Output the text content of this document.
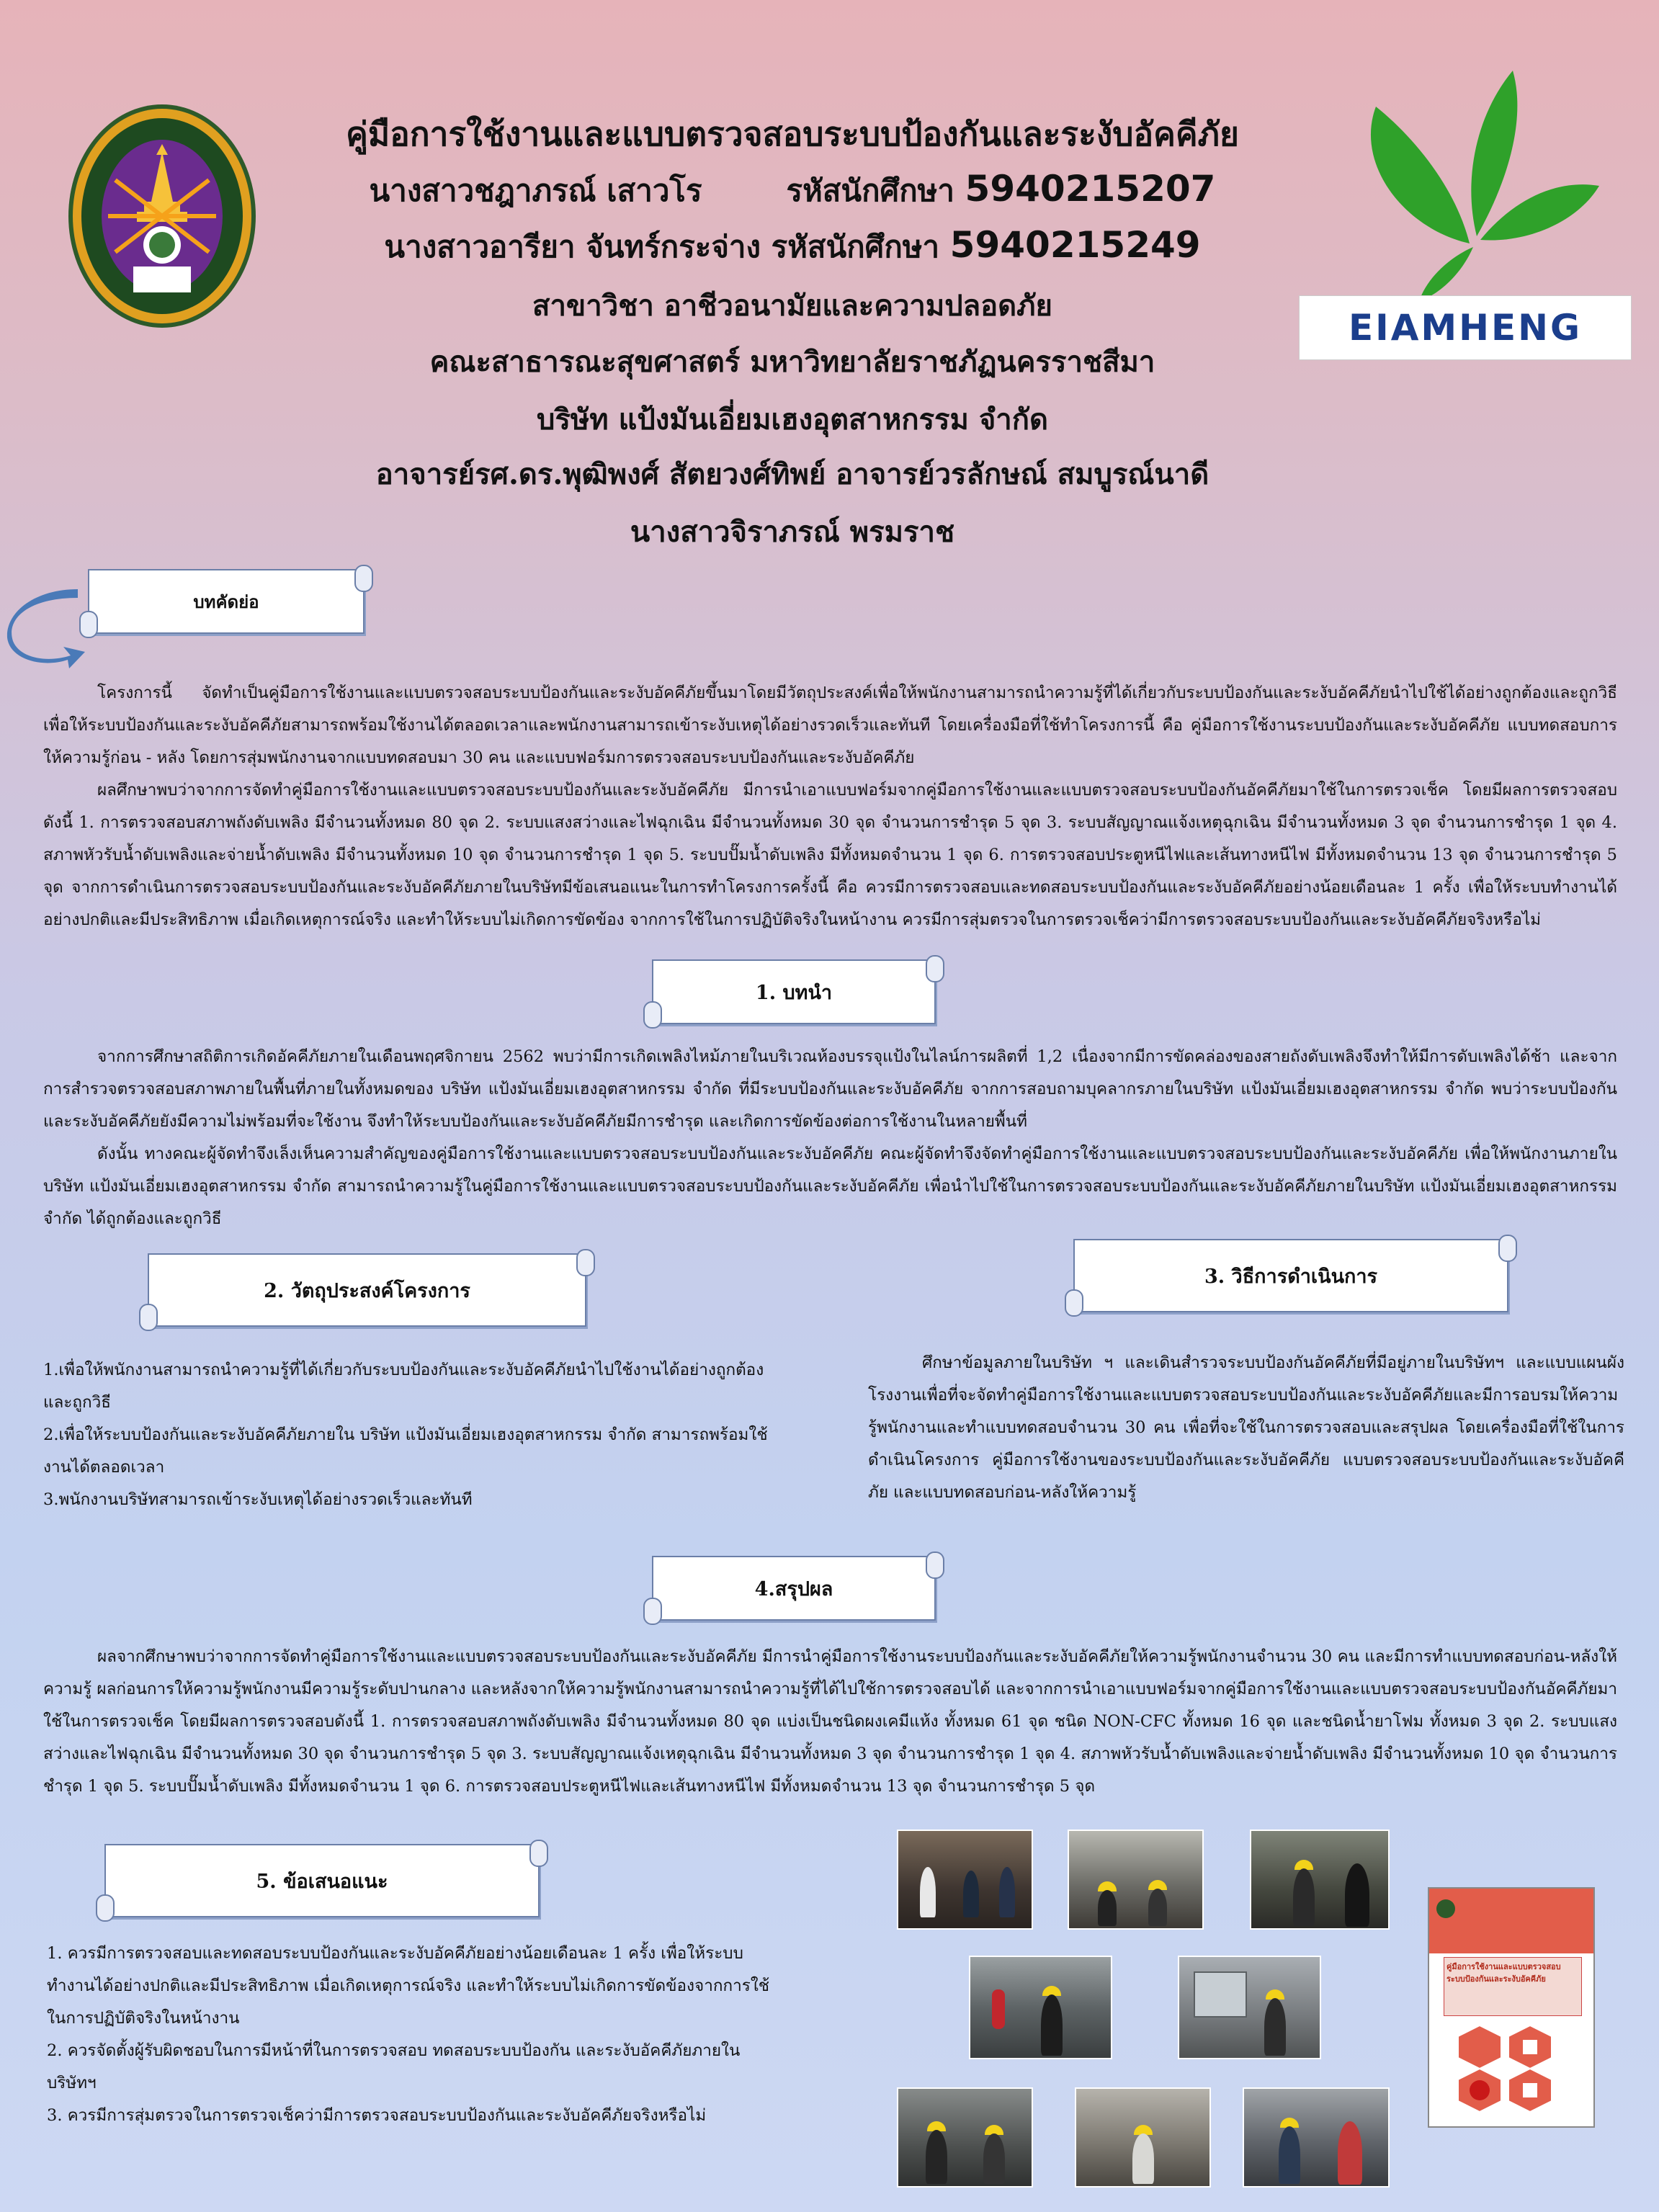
คู่มือการใช้งานและแบบตรวจสอบระบบป้องกันและระงับอัคคีภัย
นางสาวชฎาภรณ์ เสาวโร	รหัสนักศึกษา 5940215207
นางสาวอารียา จันทร์กระจ่าง รหัสนักศึกษา 5940215249
สาขาวิชา อาชีวอนามัยและความปลอดภัย
คณะสาธารณะสุขศาสตร์ มหาวิทยาลัยราชภัฏนครราชสีมา
บริษัท แป้งมันเอี่ยมเฮงอุตสาหกรรม จำกัด
อาจารย์รศ.ดร.พุฒิพงศ์ สัตยวงศ์ทิพย์ อาจารย์วรลักษณ์ สมบูรณ์นาดี
นางสาวจิราภรณ์ พรมราช
EIAMHENG
บทคัดย่อ

โครงการนี้ จัดทำเป็นคู่มือการใช้งานและแบบตรวจสอบระบบป้องกันและระงับอัคคีภัยขึ้นมาโดยมีวัตถุประสงค์เพื่อให้พนักงานสามารถนำความรู้ที่ได้เกี่ยวกับระบบป้องกันและระงับอัคคีภัยนำไปใช้ได้อย่างถูกต้องและถูกวิธี เพื่อให้ระบบป้องกันและระงับอัคคีภัยสามารถพร้อมใช้งานได้ตลอดเวลาและพนักงานสามารถเข้าระงับเหตุได้อย่างรวดเร็วและทันที โดยเครื่องมือที่ใช้ทำโครงการนี้ คือ คู่มือการใช้งานระบบป้องกันและระงับอัคคีภัย แบบทดสอบการให้ความรู้ก่อน - หลัง โดยการสุ่มพนักงานจากแบบทดสอบมา 30 คน และแบบฟอร์มการตรวจสอบระบบป้องกันและระงับอัคคีภัย

ผลศึกษาพบว่าจากการจัดทำคู่มือการใช้งานและแบบตรวจสอบระบบป้องกันและระงับอัคคีภัย มีการนำเอาแบบฟอร์มจากคู่มือการใช้งานและแบบตรวจสอบระบบป้องกันอัคคีภัยมาใช้ในการตรวจเช็ค โดยมีผลการตรวจสอบดังนี้ 1. การตรวจสอบสภาพถังดับเพลิง มีจำนวนทั้งหมด 80 จุด 2. ระบบแสงสว่างและไฟฉุกเฉิน มีจำนวนทั้งหมด 30 จุด จำนวนการชำรุด 5 จุด 3. ระบบสัญญาณแจ้งเหตุฉุกเฉิน มีจำนวนทั้งหมด 3 จุด จำนวนการชำรุด 1 จุด 4. สภาพหัวรับน้ำดับเพลิงและจ่ายน้ำดับเพลิง มีจำนวนทั้งหมด 10 จุด จำนวนการชำรุด 1 จุด 5. ระบบปั๊มน้ำดับเพลิง มีทั้งหมดจำนวน 1 จุด 6. การตรวจสอบประตูหนีไฟและเส้นทางหนีไฟ มีทั้งหมดจำนวน 13 จุด จำนวนการชำรุด 5 จุด จากการดำเนินการตรวจสอบระบบป้องกันและระงับอัคคีภัยภายในบริษัทมีข้อเสนอแนะในการทำโครงการครั้งนี้ คือ ควรมีการตรวจสอบและทดสอบระบบป้องกันและระงับอัคคีภัยอย่างน้อยเดือนละ 1 ครั้ง เพื่อให้ระบบทำงานได้อย่างปกติและมีประสิทธิภาพ เมื่อเกิดเหตุการณ์จริง และทำให้ระบบไม่เกิดการขัดข้อง จากการใช้ในการปฏิบัติจริงในหน้างาน ควรมีการสุ่มตรวจในการตรวจเช็คว่ามีการตรวจสอบระบบป้องกันและระงับอัคคีภัยจริงหรือไม่

1. บทนำ

จากการศึกษาสถิติการเกิดอัคคีภัยภายในเดือนพฤศจิกายน 2562 พบว่ามีการเกิดเพลิงไหม้ภายในบริเวณห้องบรรจุแป้งในไลน์การผลิตที่ 1,2 เนื่องจากมีการขัดคล่องของสายถังดับเพลิงจึงทำให้มีการดับเพลิงได้ช้า และจากการสำรวจตรวจสอบสภาพภายในพื้นที่ภายในทั้งหมดของ บริษัท แป้งมันเอี่ยมเฮงอุตสาหกรรม จำกัด ที่มีระบบป้องกันและระงับอัคคีภัย จากการสอบถามบุคลากรภายในบริษัท แป้งมันเอี่ยมเฮงอุตสาหกรรม จำกัด พบว่าระบบป้องกันและระงับอัคคีภัยยังมีความไม่พร้อมที่จะใช้งาน จึงทำให้ระบบป้องกันและระงับอัคคีภัยมีการชำรุด และเกิดการขัดข้องต่อการใช้งานในหลายพื้นที่

ดังนั้น ทางคณะผู้จัดทำจึงเล็งเห็นความสำคัญของคู่มือการใช้งานและแบบตรวจสอบระบบป้องกันและระงับอัคคีภัย คณะผู้จัดทำจึงจัดทำคู่มือการใช้งานและแบบตรวจสอบระบบป้องกันและระงับอัคคีภัย เพื่อให้พนักงานภายในบริษัท แป้งมันเอี่ยมเฮงอุตสาหกรรม จำกัด สามารถนำความรู้ในคู่มือการใช้งานและแบบตรวจสอบระบบป้องกันและระงับอัคคีภัย เพื่อนำไปใช้ในการตรวจสอบระบบป้องกันและระงับอัคคีภัยภายในบริษัท แป้งมันเอี่ยมเฮงอุตสาหกรรม จำกัด ได้ถูกต้องและถูกวิธี

2. วัตถุประสงค์โครงการ

1.เพื่อให้พนักงานสามารถนำความรู้ที่ได้เกี่ยวกับระบบป้องกันและระงับอัคคีภัยนำไปใช้งานได้อย่างถูกต้องและถูกวิธี

2.เพื่อให้ระบบป้องกันและระงับอัคคีภัยภายใน บริษัท แป้งมันเอี่ยมเฮงอุตสาหกรรม จำกัด สามารถพร้อมใช้งานได้ตลอดเวลา

3.พนักงานบริษัทสามารถเข้าระงับเหตุได้อย่างรวดเร็วและทันที

3. วิธีการดำเนินการ

ศึกษาข้อมูลภายในบริษัท ฯ และเดินสำรวจระบบป้องกันอัคคีภัยที่มีอยู่ภายในบริษัทฯ และแบบแผนผังโรงงานเพื่อที่จะจัดทำคู่มือการใช้งานและแบบตรวจสอบระบบป้องกันและระงับอัคคีภัยและมีการอบรมให้ความรู้พนักงานและทำแบบทดสอบจำนวน 30 คน เพื่อที่จะใช้ในการตรวจสอบและสรุปผล โดยเครื่องมือที่ใช้ในการดำเนินโครงการ คู่มือการใช้งานของระบบป้องกันและระงับอัคคีภัย แบบตรวจสอบระบบป้องกันและระงับอัคคีภัย และแบบทดสอบก่อน-หลังให้ความรู้

4.สรุปผล

ผลจากศึกษาพบว่าจากการจัดทำคู่มือการใช้งานและแบบตรวจสอบระบบป้องกันและระงับอัคคีภัย มีการนำคู่มือการใช้งานระบบป้องกันและระงับอัคคีภัยให้ความรู้พนักงานจำนวน 30 คน และมีการทำแบบทดสอบก่อน-หลังให้ความรู้ ผลก่อนการให้ความรู้พนักงานมีความรู้ระดับปานกลาง และหลังจากให้ความรู้พนักงานสามารถนำความรู้ที่ได้ไปใช้การตรวจสอบได้ และจากการนำเอาแบบฟอร์มจากคู่มือการใช้งานและแบบตรวจสอบระบบป้องกันอัคคีภัยมาใช้ในการตรวจเช็ค โดยมีผลการตรวจสอบดังนี้ 1. การตรวจสอบสภาพถังดับเพลิง มีจำนวนทั้งหมด 80 จุด แบ่งเป็นชนิดผงเคมีแห้ง ทั้งหมด 61 จุด ชนิด NON-CFC ทั้งหมด 16 จุด และชนิดน้ำยาโฟม ทั้งหมด 3 จุด 2. ระบบแสงสว่างและไฟฉุกเฉิน มีจำนวนทั้งหมด 30 จุด จำนวนการชำรุด 5 จุด 3. ระบบสัญญาณแจ้งเหตุฉุกเฉิน มีจำนวนทั้งหมด 3 จุด จำนวนการชำรุด 1 จุด 4. สภาพหัวรับน้ำดับเพลิงและจ่ายน้ำดับเพลิง มีจำนวนทั้งหมด 10 จุด จำนวนการชำรุด 1 จุด 5. ระบบปั๊มน้ำดับเพลิง มีทั้งหมดจำนวน 1 จุด 6. การตรวจสอบประตูหนีไฟและเส้นทางหนีไฟ มีทั้งหมดจำนวน 13 จุด จำนวนการชำรุด 5 จุด

5. ข้อเสนอแนะ

1. ควรมีการตรวจสอบและทดสอบระบบป้องกันและระงับอัคคีภัยอย่างน้อยเดือนละ 1 ครั้ง เพื่อให้ระบบทำงานได้อย่างปกติและมีประสิทธิภาพ เมื่อเกิดเหตุการณ์จริง และทำให้ระบบไม่เกิดการขัดข้องจากการใช้ในการปฏิบัติจริงในหน้างาน

2. ควรจัดตั้งผู้รับผิดชอบในการมีหน้าที่ในการตรวจสอบ ทดสอบระบบป้องกัน และระงับอัคคีภัยภายในบริษัทฯ

3. ควรมีการสุ่มตรวจในการตรวจเช็คว่ามีการตรวจสอบระบบป้องกันและระงับอัคคีภัยจริงหรือไม่

คู่มือการใช้งานและแบบตรวจสอบระบบป้องกันและระงับอัคคีภัย
